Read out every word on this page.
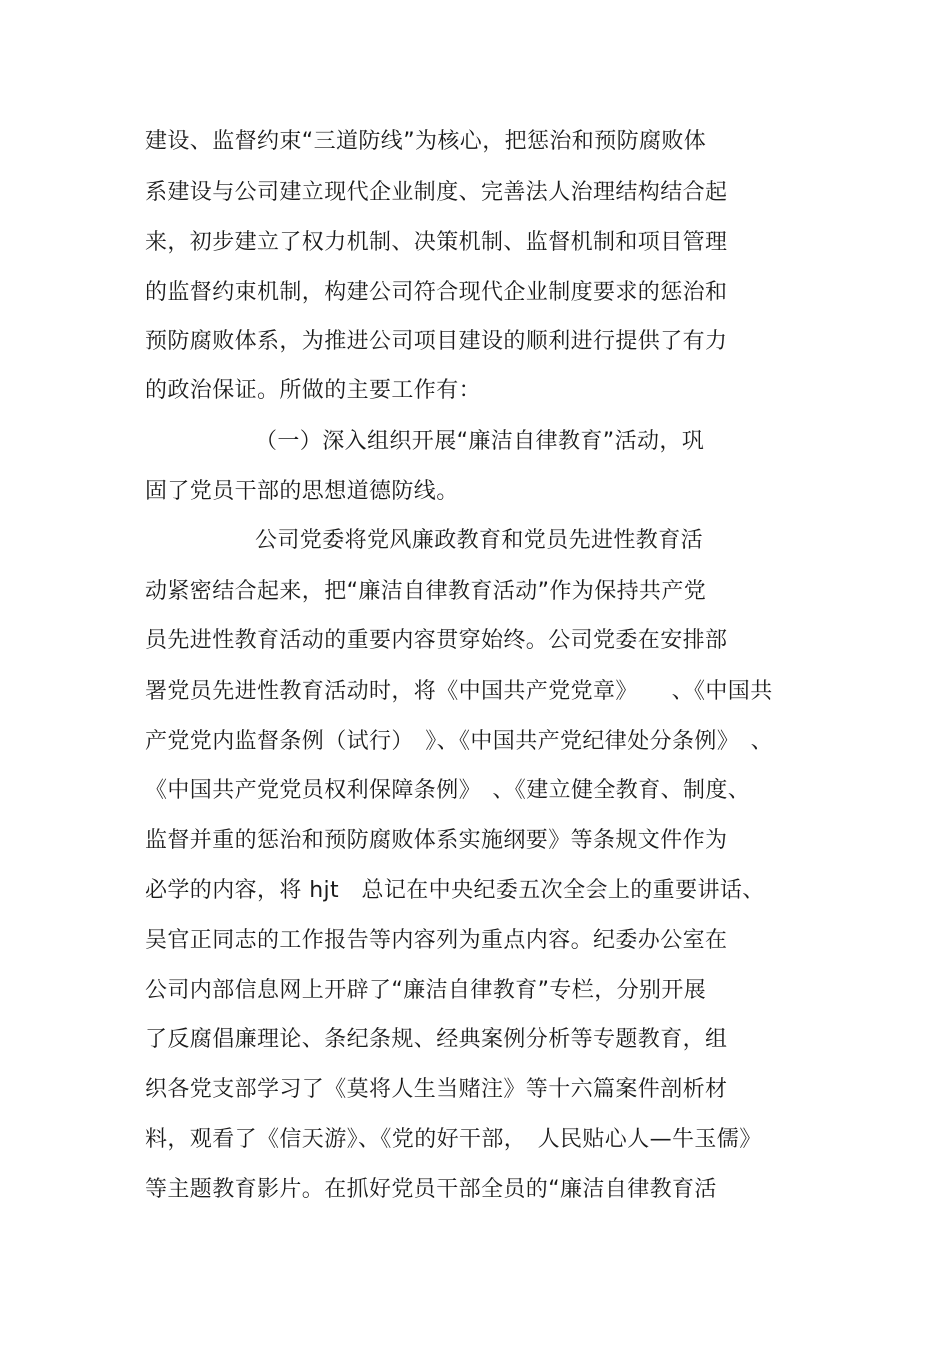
建设、监督约束“三道防线”为核心，把惩治和预防腐败体
系建设与公司建立现代企业制度、完善法人治理结构结合起
来，初步建立了权力机制、决策机制、监督机制和项目管理
的监督约束机制，构建公司符合现代企业制度要求的惩治和
预防腐败体系，为推进公司项目建设的顺利进行提供了有力
的政治保证。所做的主要工作有：
（一）深入组织开展“廉洁自律教育”活动，巩
固了党员干部的思想道德防线。
公司党委将党风廉政教育和党员先进性教育活
动紧密结合起来，把“廉洁自律教育活动”作为保持共产党
员先进性教育活动的重要内容贯穿始终。公司党委在安排部
署党员先进性教育活动时，将《中国共产党党章》　　、《中国共
产党党内监督条例（试行）　》、《中国共产党纪律处分条例》　、
《中国共产党党员权利保障条例》　、《建立健全教育、制度、
监督并重的惩治和预防腐败体系实施纲要》等条规文件作为
必学的内容，将 hjt　总记在中央纪委五次全会上的重要讲话、
吴官正同志的工作报告等内容列为重点内容。纪委办公室在
公司内部信息网上开辟了“廉洁自律教育”专栏，分别开展
了反腐倡廉理论、条纪条规、经典案例分析等专题教育，组
织各党支部学习了《莫将人生当赌注》等十六篇案件剖析材
料，观看了《信天游》、《党的好干部，　人民贴心人—牛玉儒》
等主题教育影片。在抓好党员干部全员的“廉洁自律教育活
